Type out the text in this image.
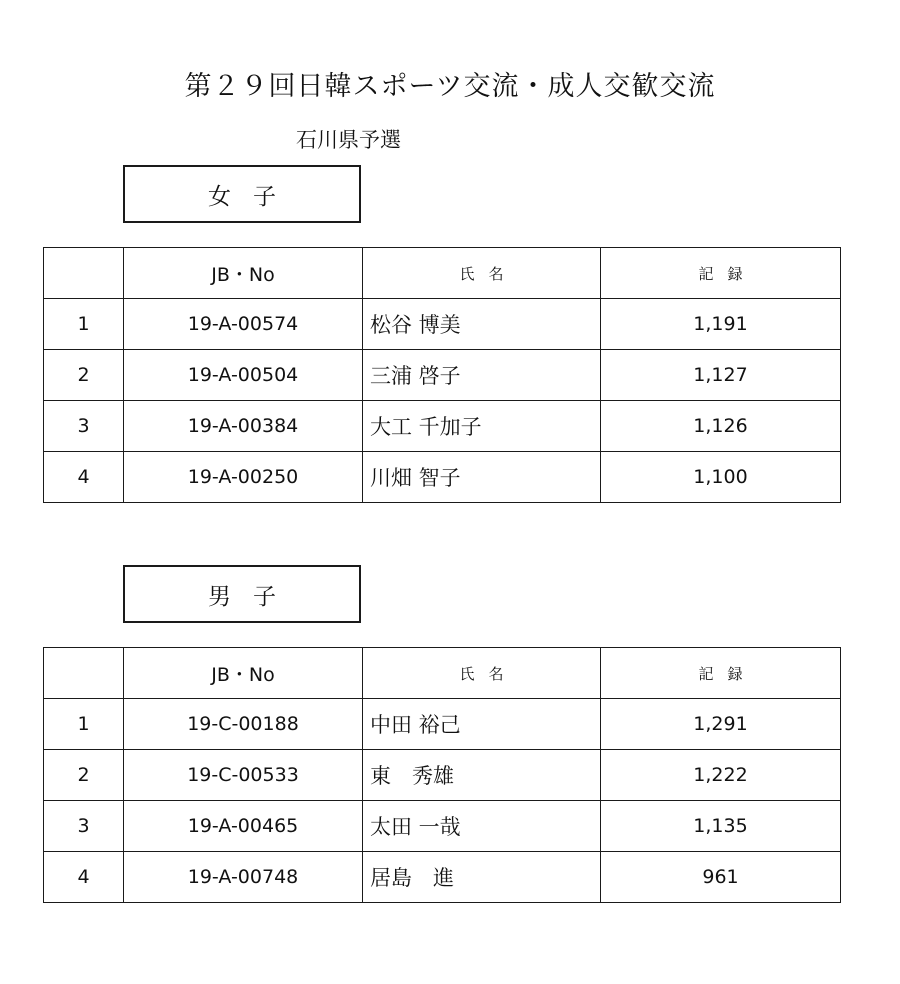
第２９回日韓スポーツ交流・成人交歓交流
石川県予選
女子
	JB・No	氏名	記録
1	19-A-00574	松谷 博美	1,191
2	19-A-00504	三浦 啓子	1,127
3	19-A-00384	大工 千加子	1,126
4	19-A-00250	川畑 智子	1,100
男子
	JB・No	氏名	記録
1	19-C-00188	中田 裕己	1,291
2	19-C-00533	東　秀雄	1,222
3	19-A-00465	太田 一哉	1,135
4	19-A-00748	居島　進	961
